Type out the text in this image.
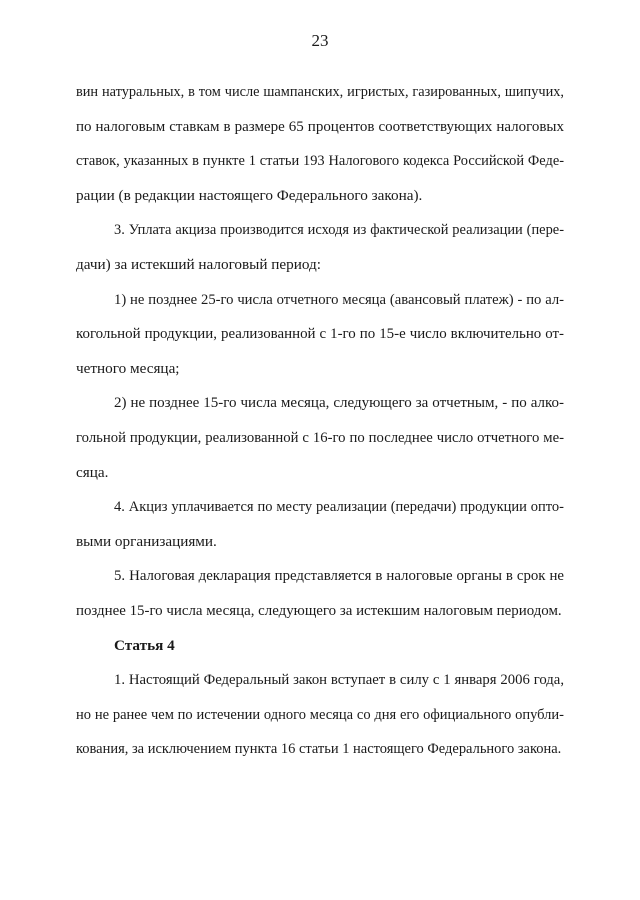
23
вин натуральных, в том числе шампанских, игристых, газированных, шипучих,
по налоговым ставкам в размере 65 процентов соответствующих налоговых
ставок, указанных в пункте 1 статьи 193 Налогового кодекса Российской Феде-
рации (в редакции настоящего Федерального закона).
3. Уплата акциза производится исходя из фактической реализации (пере-
дачи) за истекший налоговый период:
1) не позднее 25-го числа отчетного месяца (авансовый платеж) - по ал-
когольной продукции, реализованной с 1-го по 15-е число включительно от-
четного месяца;
2) не позднее 15-го числа месяца, следующего за отчетным, - по алко-
гольной продукции, реализованной с 16-го по последнее число отчетного ме-
сяца.
4. Акциз уплачивается по месту реализации (передачи) продукции опто-
выми организациями.
5. Налоговая декларация представляется в налоговые органы в срок не
позднее 15-го числа месяца, следующего за истекшим налоговым периодом.
Статья 4
1. Настоящий Федеральный закон вступает в силу с 1 января 2006 года,
но не ранее чем по истечении одного месяца со дня его официального опубли-
кования, за исключением пункта 16 статьи 1 настоящего Федерального закона.
